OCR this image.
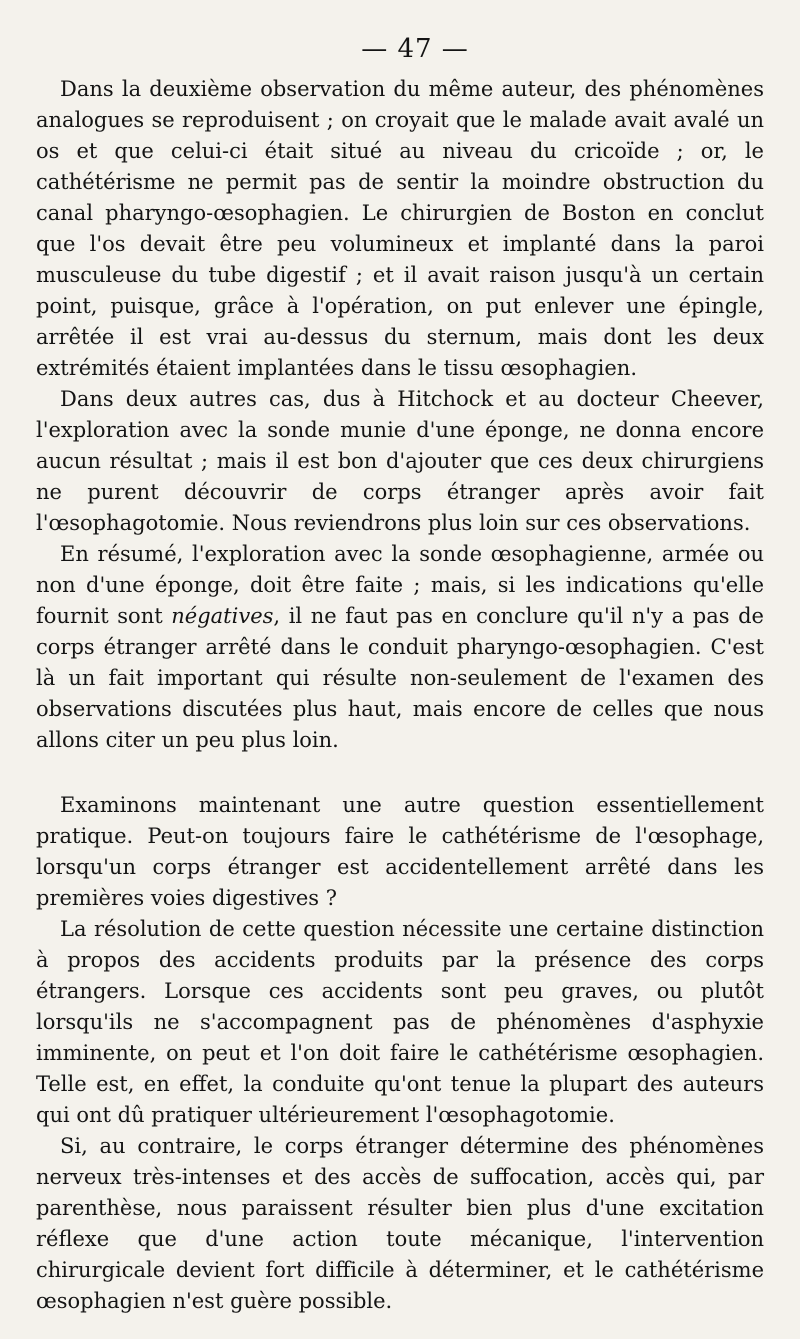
— 47 —

Dans la deuxième observation du même auteur, des phénomènes analogues se reproduisent ; on croyait que le malade avait avalé un os et que celui-ci était situé au niveau du cricoïde ; or, le cathétérisme ne permit pas de sentir la moindre obstruction du canal pharyngo-œsophagien. Le chirurgien de Boston en conclut que l'os devait être peu volumineux et implanté dans la paroi musculeuse du tube digestif ; et il avait raison jusqu'à un certain point, puisque, grâce à l'opération, on put enlever une épingle, arrêtée il est vrai au-dessus du sternum, mais dont les deux extrémités étaient implantées dans le tissu œsophagien.

Dans deux autres cas, dus à Hitchock et au docteur Cheever, l'exploration avec la sonde munie d'une éponge, ne donna encore aucun résultat ; mais il est bon d'ajouter que ces deux chirurgiens ne purent découvrir de corps étranger après avoir fait l'œsophagotomie. Nous reviendrons plus loin sur ces observations.

En résumé, l'exploration avec la sonde œsophagienne, armée ou non d'une éponge, doit être faite ; mais, si les indications qu'elle fournit sont négatives, il ne faut pas en conclure qu'il n'y a pas de corps étranger arrêté dans le conduit pharyngo-œsophagien. C'est là un fait important qui résulte non-seulement de l'examen des observations discutées plus haut, mais encore de celles que nous allons citer un peu plus loin.

Examinons maintenant une autre question essentiellement pratique. Peut-on toujours faire le cathétérisme de l'œsophage, lorsqu'un corps étranger est accidentellement arrêté dans les premières voies digestives ?

La résolution de cette question nécessite une certaine distinction à propos des accidents produits par la présence des corps étrangers. Lorsque ces accidents sont peu graves, ou plutôt lorsqu'ils ne s'accompagnent pas de phénomènes d'asphyxie imminente, on peut et l'on doit faire le cathétérisme œsophagien. Telle est, en effet, la conduite qu'ont tenue la plupart des auteurs qui ont dû pratiquer ultérieurement l'œsophagotomie.

Si, au contraire, le corps étranger détermine des phénomènes nerveux très-intenses et des accès de suffocation, accès qui, par parenthèse, nous paraissent résulter bien plus d'une excitation réflexe que d'une action toute mécanique, l'intervention chirurgicale devient fort difficile à déterminer, et le cathétérisme œsophagien n'est guère possible.
